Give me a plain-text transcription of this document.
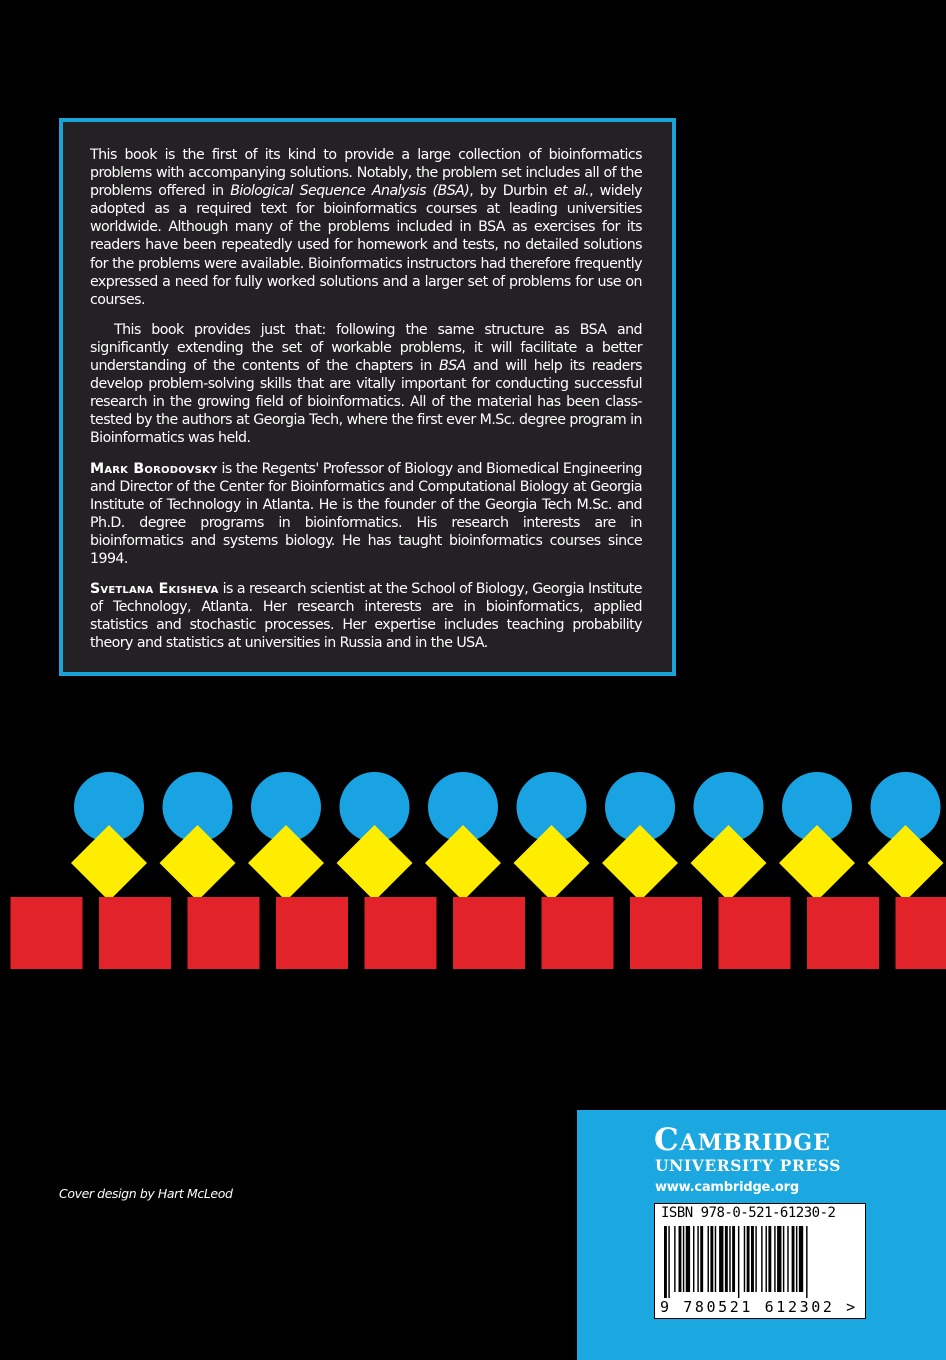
This book is the first of its kind to provide a large collection of bioinformatics problems with accompanying solutions. Notably, the problem set includes all of the problems offered in Biological Sequence Analysis (BSA), by Durbin et al., widely adopted as a required text for bioinformatics courses at leading universities worldwide. Although many of the problems included in BSA as exercises for its readers have been repeatedly used for homework and tests, no detailed solutions for the problems were available. Bioinformatics instructors had therefore frequently expressed a need for fully worked solutions and a larger set of problems for use on courses.

This book provides just that: following the same structure as BSA and significantly extending the set of workable problems, it will facilitate a better understanding of the contents of the chapters in BSA and will help its readers develop problem-solving skills that are vitally important for conducting successful research in the growing field of bioinformatics. All of the material has been class-tested by the authors at Georgia Tech, where the first ever M.Sc. degree program in Bioinformatics was held.

Mark Borodovsky is the Regents' Professor of Biology and Biomedical Engineering and Director of the Center for Bioinformatics and Computational Biology at Georgia Institute of Technology in Atlanta. He is the founder of the Georgia Tech M.Sc. and Ph.D. degree programs in bioinformatics. His research interests are in bioinformatics and systems biology. He has taught bioinformatics courses since 1994.

Svetlana Ekisheva is a research scientist at the School of Biology, Georgia Institute of Technology, Atlanta. Her research interests are in bioinformatics, applied statistics and stochastic processes. Her expertise includes teaching probability theory and statistics at universities in Russia and in the USA.

Cover design by Hart McLeod
Cambridge
UNIVERSITY PRESS
www.cambridge.org
ISBN 978-0-521-61230-2
9 780521 612302 >
